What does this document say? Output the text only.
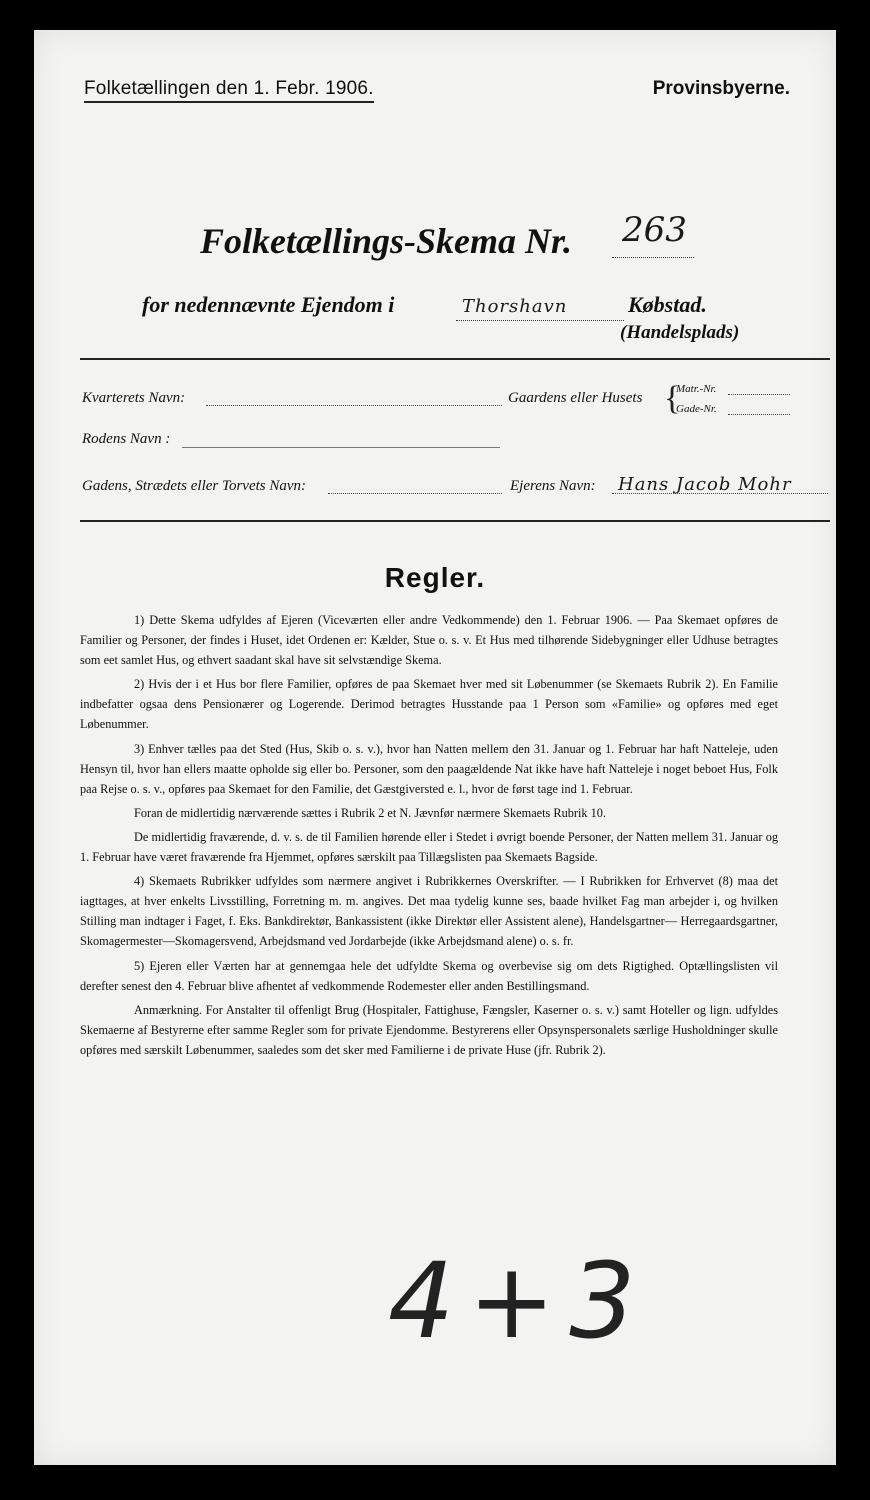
Folketællingen den 1. Febr. 1906.	Provinsbyerne.
Folketællings-Skema Nr. 263
for nedennævnte Ejendom i	Thorshavn	Købstad.
(Handelsplads)
Kvarterets Navn:	Gaardens eller Husets {
Matr.-Nr.
Gade-Nr.
Rodens Navn :
Gadens, Strædets eller Torvets Navn:	Ejerens Navn: Hans Jacob Mohr
Regler.

1) Dette Skema udfyldes af Ejeren (Viceværten eller andre Vedkommende) den 1. Februar 1906. — Paa Skemaet opføres de Familier og Personer, der findes i Huset, idet Ordenen er: Kælder, Stue o. s. v. Et Hus med tilhørende Sidebygninger eller Udhuse betragtes som eet samlet Hus, og ethvert saadant skal have sit selvstændige Skema.

2) Hvis der i et Hus bor flere Familier, opføres de paa Skemaet hver med sit Løbenummer (se Skemaets Rubrik 2). En Familie indbefatter ogsaa dens Pensionærer og Logerende. Derimod betragtes Husstande paa 1 Person som «Familie» og opføres med eget Løbenummer.

3) Enhver tælles paa det Sted (Hus, Skib o. s. v.), hvor han Natten mellem den 31. Januar og 1. Februar har haft Natteleje, uden Hensyn til, hvor han ellers maatte opholde sig eller bo. Personer, som den paagældende Nat ikke have haft Natteleje i noget beboet Hus, Folk paa Rejse o. s. v., opføres paa Skemaet for den Familie, det Gæstgiversted e. l., hvor de først tage ind 1. Februar.

Foran de midlertidig nærværende sættes i Rubrik 2 et N. Jævnfør nærmere Skemaets Rubrik 10.

De midlertidig fraværende, d. v. s. de til Familien hørende eller i Stedet i øvrigt boende Personer, der Natten mellem 31. Januar og 1. Februar have været fraværende fra Hjemmet, opføres særskilt paa Tillægslisten paa Skemaets Bagside.

4) Skemaets Rubrikker udfyldes som nærmere angivet i Rubrikkernes Overskrifter. — I Rubrikken for Erhvervet (8) maa det iagttages, at hver enkelts Livsstilling, Forretning m. m. angives. Det maa tydelig kunne ses, baade hvilket Fag man arbejder i, og hvilken Stilling man indtager i Faget, f. Eks. Bankdirektør, Bankassistent (ikke Direktør eller Assistent alene), Handelsgartner— Herregaardsgartner, Skomagermester—Skomagersvend, Arbejdsmand ved Jordarbejde (ikke Arbejdsmand alene) o. s. fr.

5) Ejeren eller Værten har at gennemgaa hele det udfyldte Skema og overbevise sig om dets Rigtighed. Optællingslisten vil derefter senest den 4. Februar blive afhentet af vedkommende Rodemester eller anden Bestillingsmand.

Anmærkning. For Anstalter til offenligt Brug (Hospitaler, Fattighuse, Fængsler, Kaserner o. s. v.) samt Hoteller og lign. udfyldes Skemaerne af Bestyrerne efter samme Regler som for private Ejendomme. Bestyrerens eller Opsynspersonalets særlige Husholdninger skulle opføres med særskilt Løbenummer, saaledes som det sker med Familierne i de private Huse (jfr. Rubrik 2).

4+3
